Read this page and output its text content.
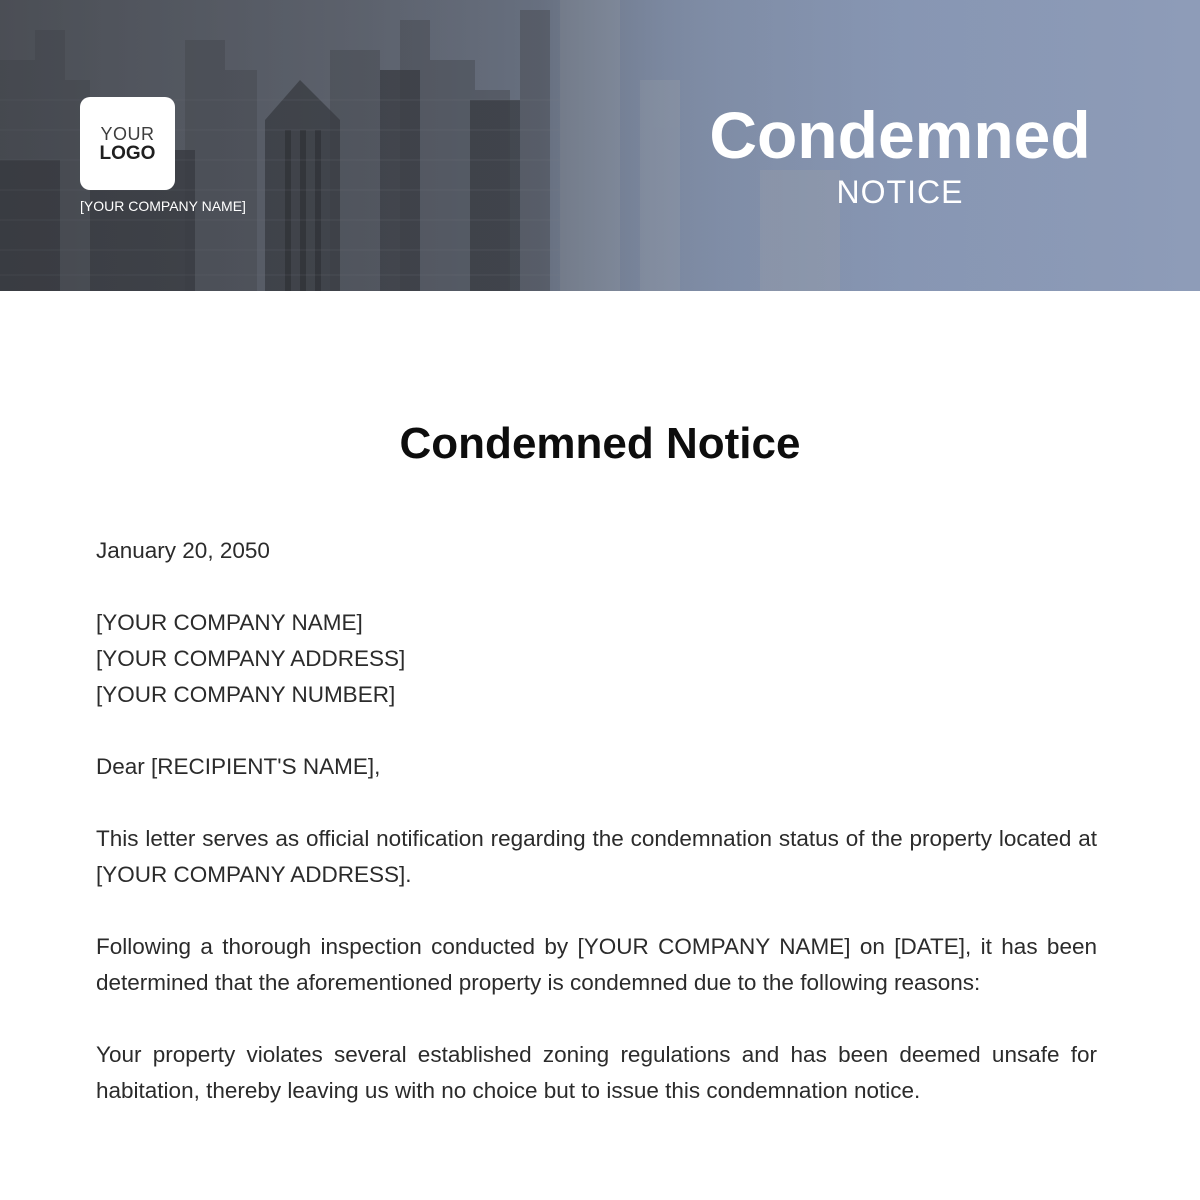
YOUR
LOGO
[YOUR COMPANY NAME]
Condemned
NOTICE
Condemned Notice

January 20, 2050

[YOUR COMPANY NAME]
[YOUR COMPANY ADDRESS]
[YOUR COMPANY NUMBER]

Dear [RECIPIENT'S NAME],

This letter serves as official notification regarding the condemnation status of the property located at [YOUR COMPANY ADDRESS].

Following a thorough inspection conducted by [YOUR COMPANY NAME] on [DATE], it has been determined that the aforementioned property is condemned due to the following reasons:

Your property violates several established zoning regulations and has been deemed unsafe for habitation, thereby leaving us with no choice but to issue this condemnation notice.
